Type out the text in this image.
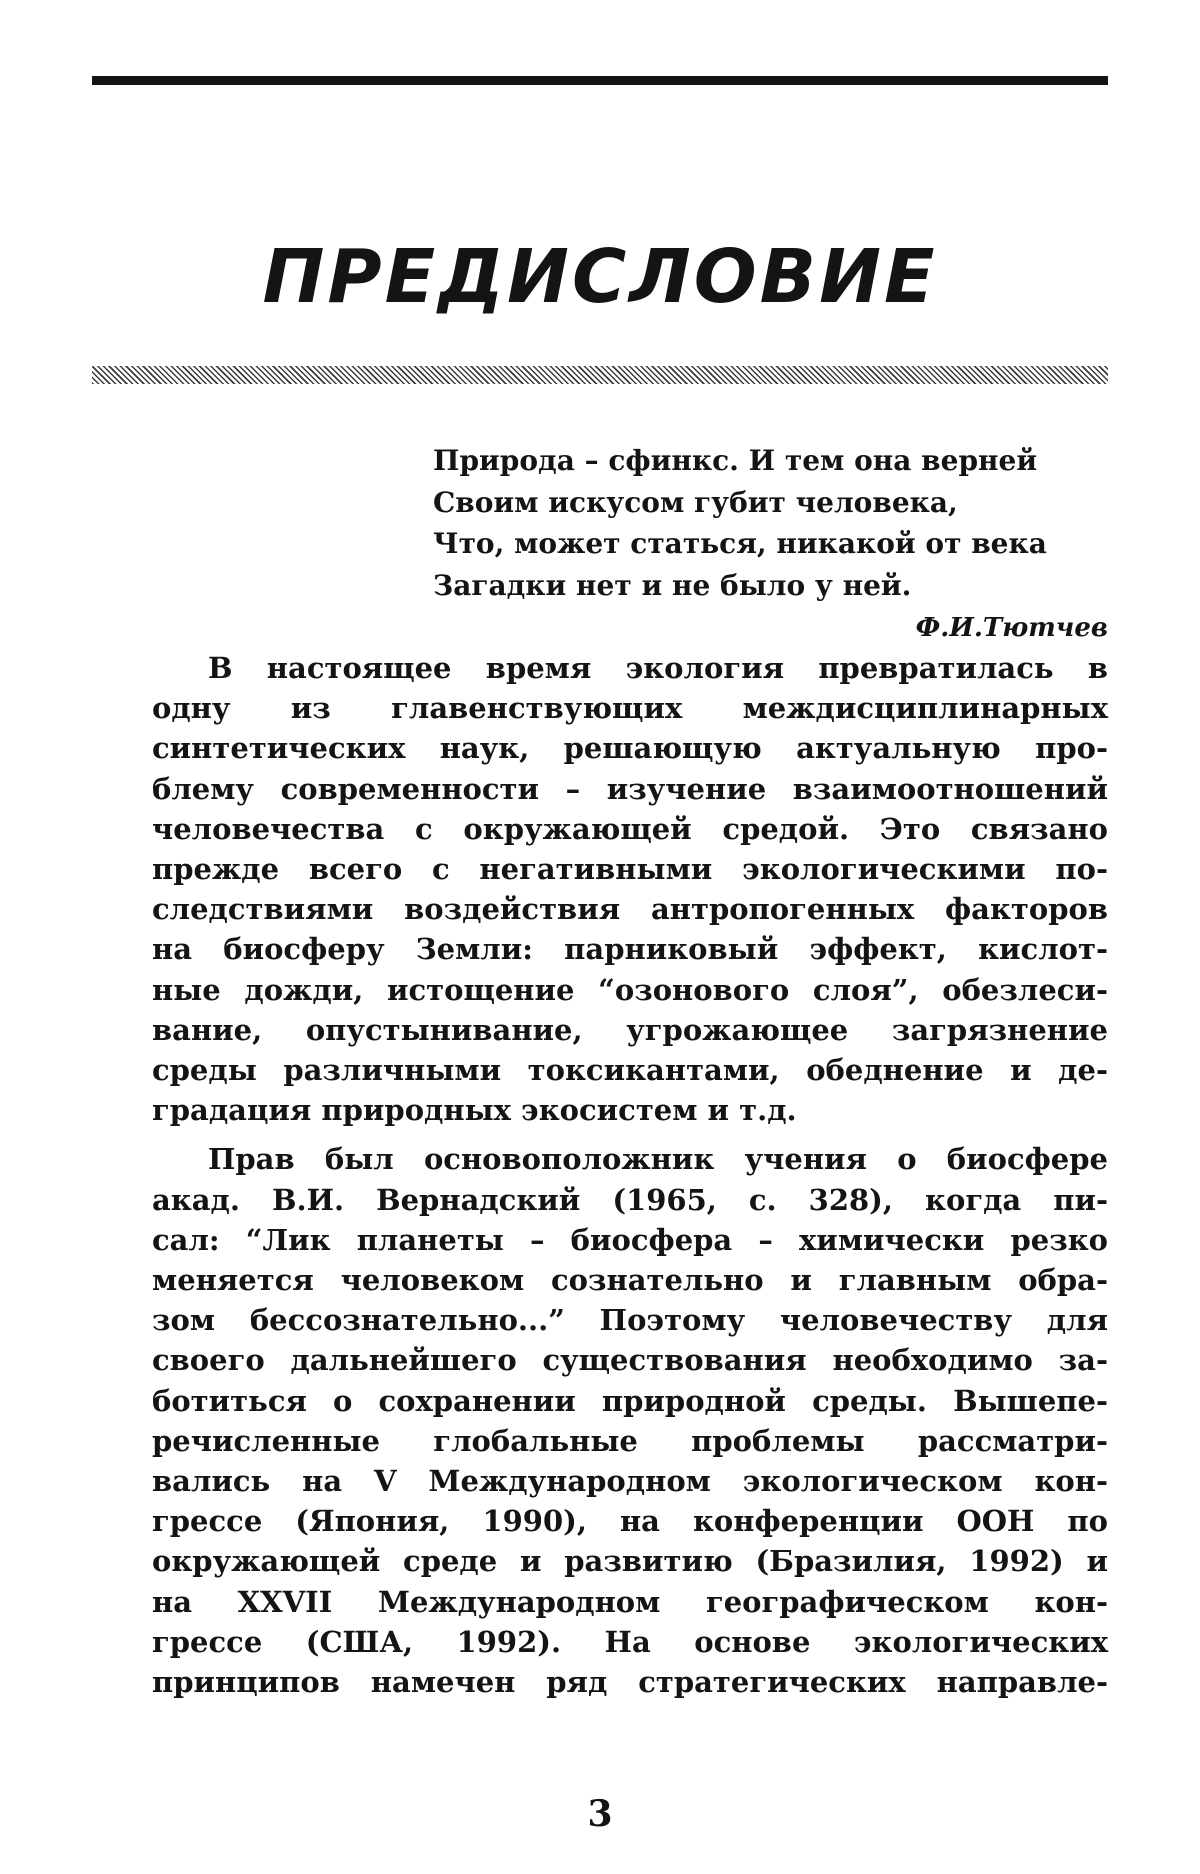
ПРЕДИСЛОВИЕ
Природа – сфинкс. И тем она верней
Своим искусом губит человека,
Что, может статься, никакой от века
Загадки нет и не было у ней.
Ф.И.Тютчев

В настоящее время экология превратилась в
одну из главенствующих междисциплинарных
синтетических наук, решающую актуальную про-
блему современности – изучение взаимоотношений
человечества с окружающей средой. Это связано
прежде всего с негативными экологическими по-
следствиями воздействия антропогенных факторов
на биосферу Земли: парниковый эффект, кислот-
ные дожди, истощение “озонового слоя”, обезлеси-
вание, опустынивание, угрожающее загрязнение
среды различными токсикантами, обеднение и де-
градация природных экосистем и т.д.

Прав был основоположник учения о биосфере
акад. В.И. Вернадский (1965, с. 328), когда пи-
сал: “Лик планеты – биосфера – химически резко
меняется человеком сознательно и главным обра-
зом бессознательно...” Поэтому человечеству для
своего дальнейшего существования необходимо за-
ботиться о сохранении природной среды. Вышепе-
речисленные глобальные проблемы рассматри-
вались на V Международном экологическом кон-
грессе (Япония, 1990), на конференции ООН по
окружающей среде и развитию (Бразилия, 1992) и
на XXVII Международном географическом кон-
грессе (США, 1992). На основе экологических
принципов намечен ряд стратегических направле-

3
